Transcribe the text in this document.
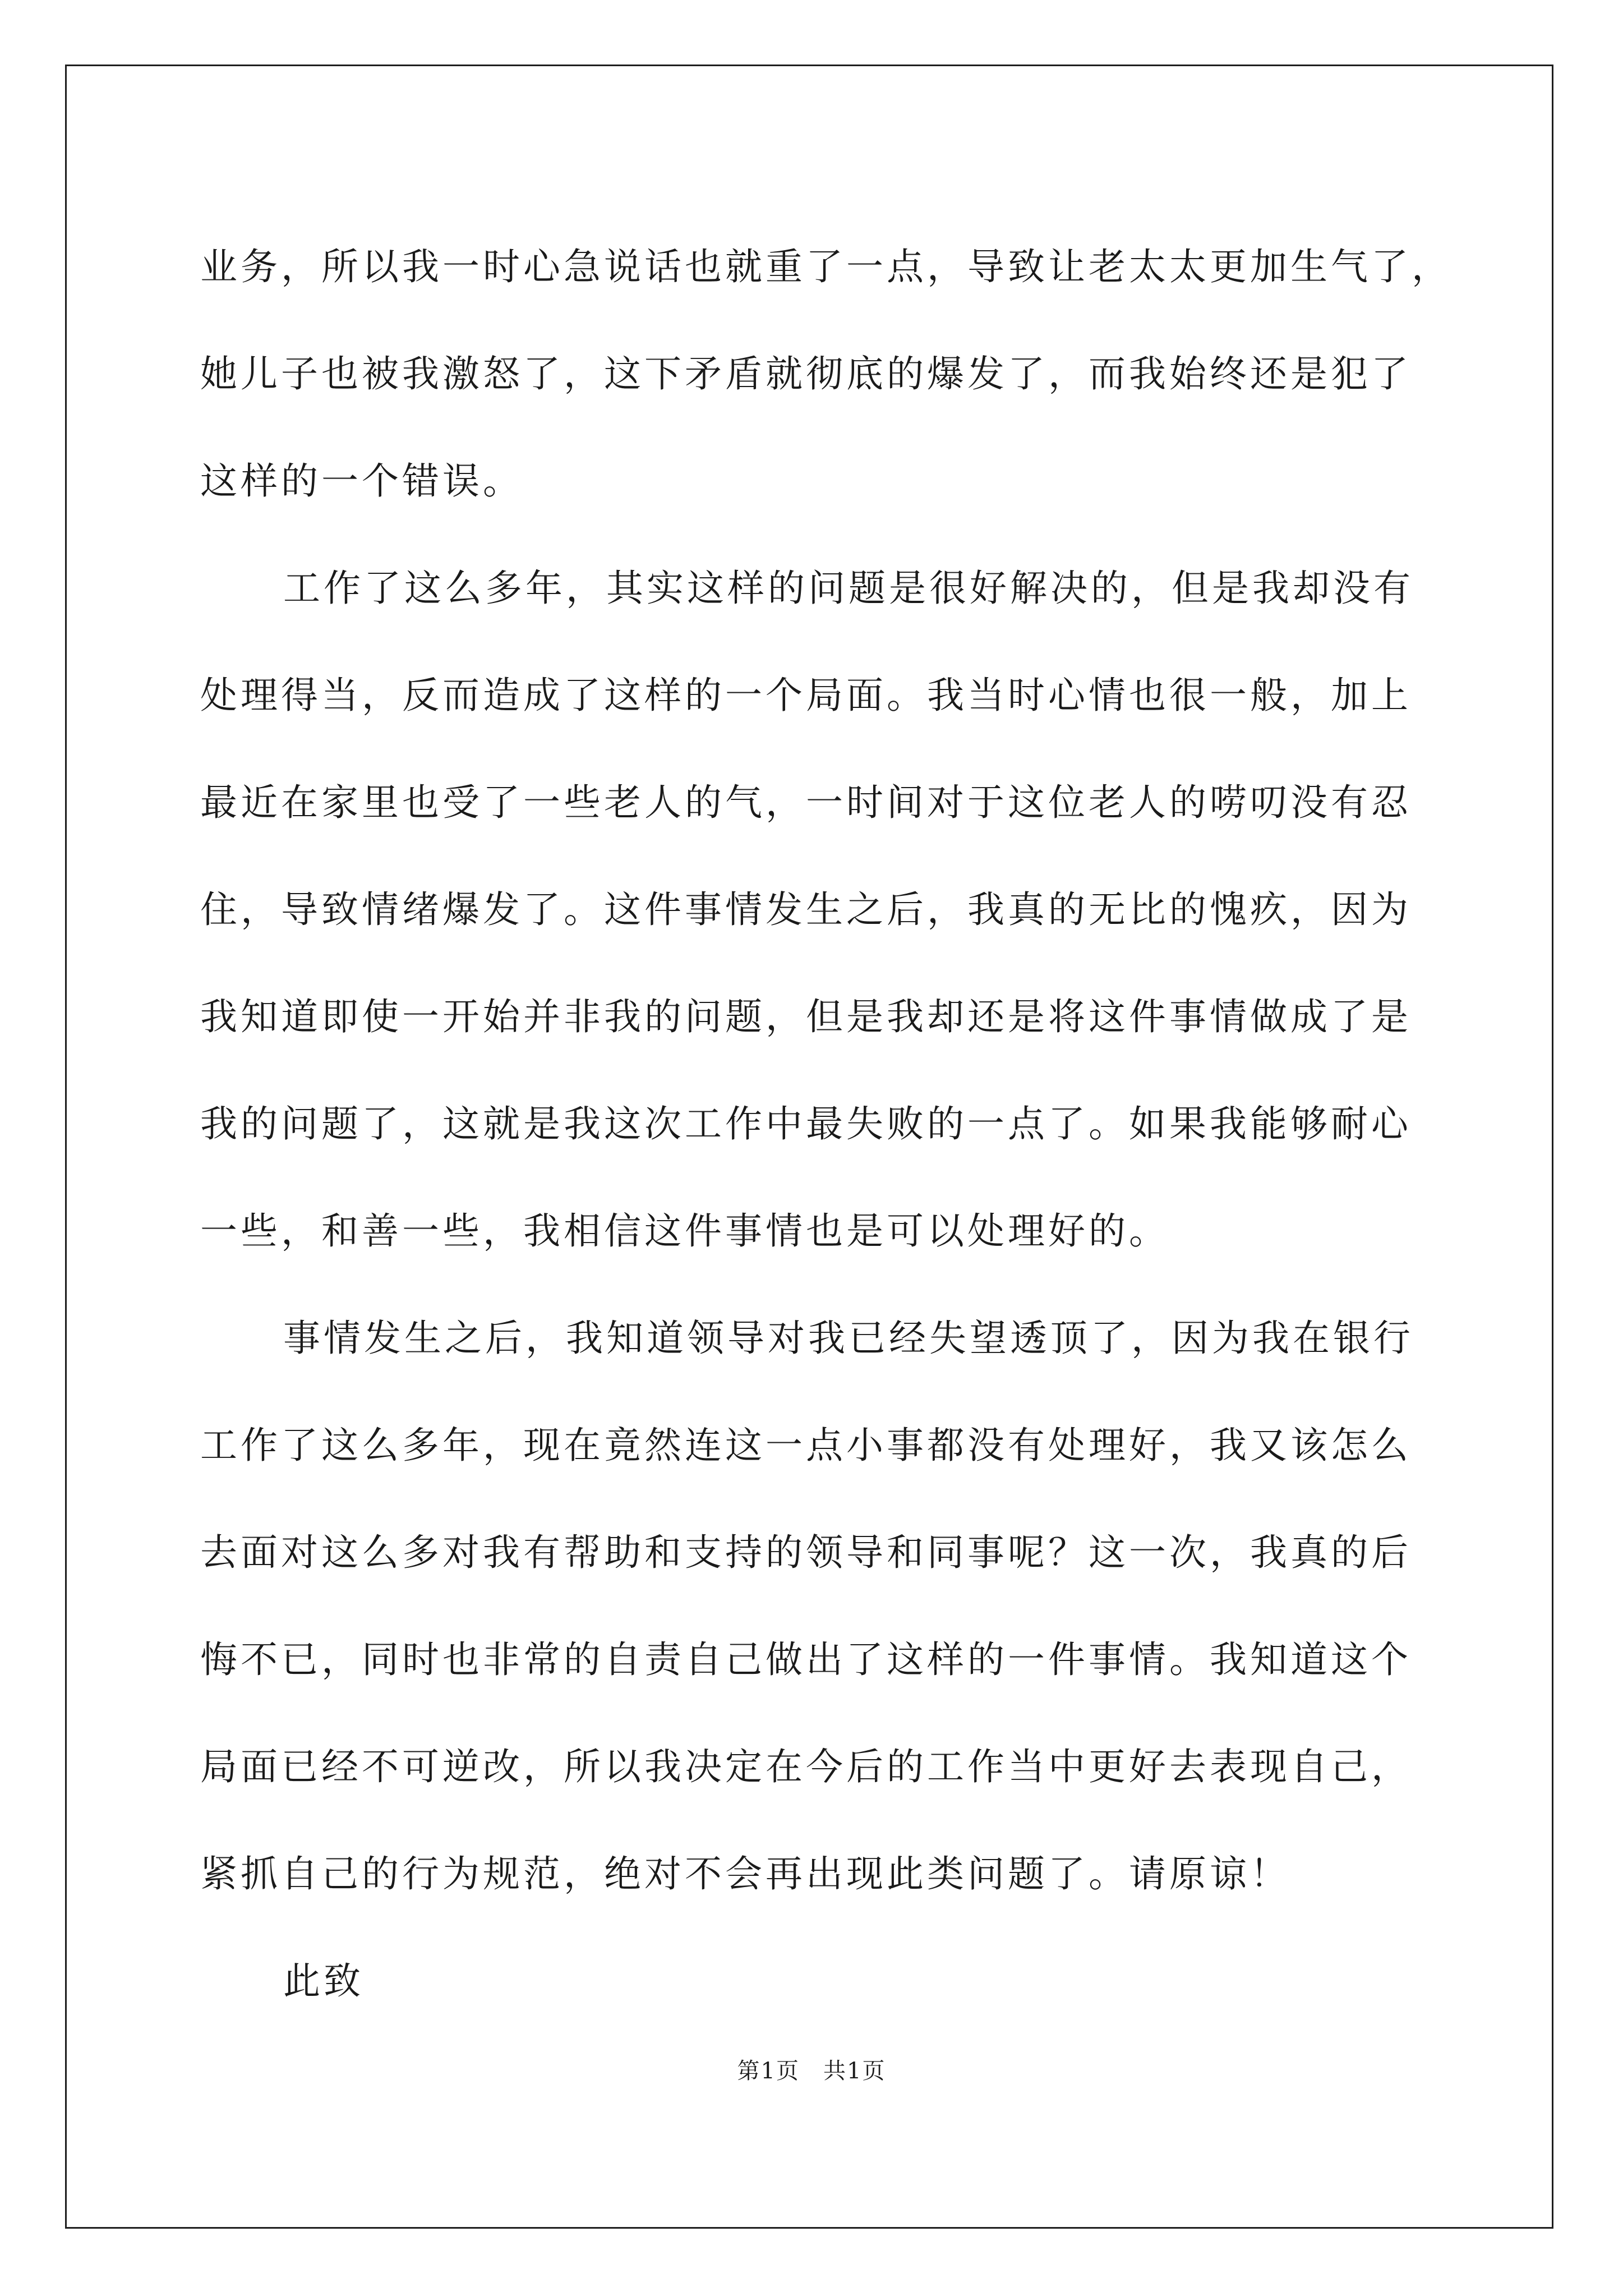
业务，所以我一时心急说话也就重了一点，导致让老太太更加生气了，
她儿子也被我激怒了，这下矛盾就彻底的爆发了，而我始终还是犯了
这样的一个错误。
工作了这么多年，其实这样的问题是很好解决的，但是我却没有
处理得当，反而造成了这样的一个局面。我当时心情也很一般，加上
最近在家里也受了一些老人的气，一时间对于这位老人的唠叨没有忍
住，导致情绪爆发了。这件事情发生之后，我真的无比的愧疚，因为
我知道即使一开始并非我的问题，但是我却还是将这件事情做成了是
我的问题了，这就是我这次工作中最失败的一点了。如果我能够耐心
一些，和善一些，我相信这件事情也是可以处理好的。
事情发生之后，我知道领导对我已经失望透顶了，因为我在银行
工作了这么多年，现在竟然连这一点小事都没有处理好，我又该怎么
去面对这么多对我有帮助和支持的领导和同事呢？这一次，我真的后
悔不已，同时也非常的自责自己做出了这样的一件事情。我知道这个
局面已经不可逆改，所以我决定在今后的工作当中更好去表现自己，
紧抓自己的行为规范，绝对不会再出现此类问题了。请原谅！
此致
第1页　共1页
